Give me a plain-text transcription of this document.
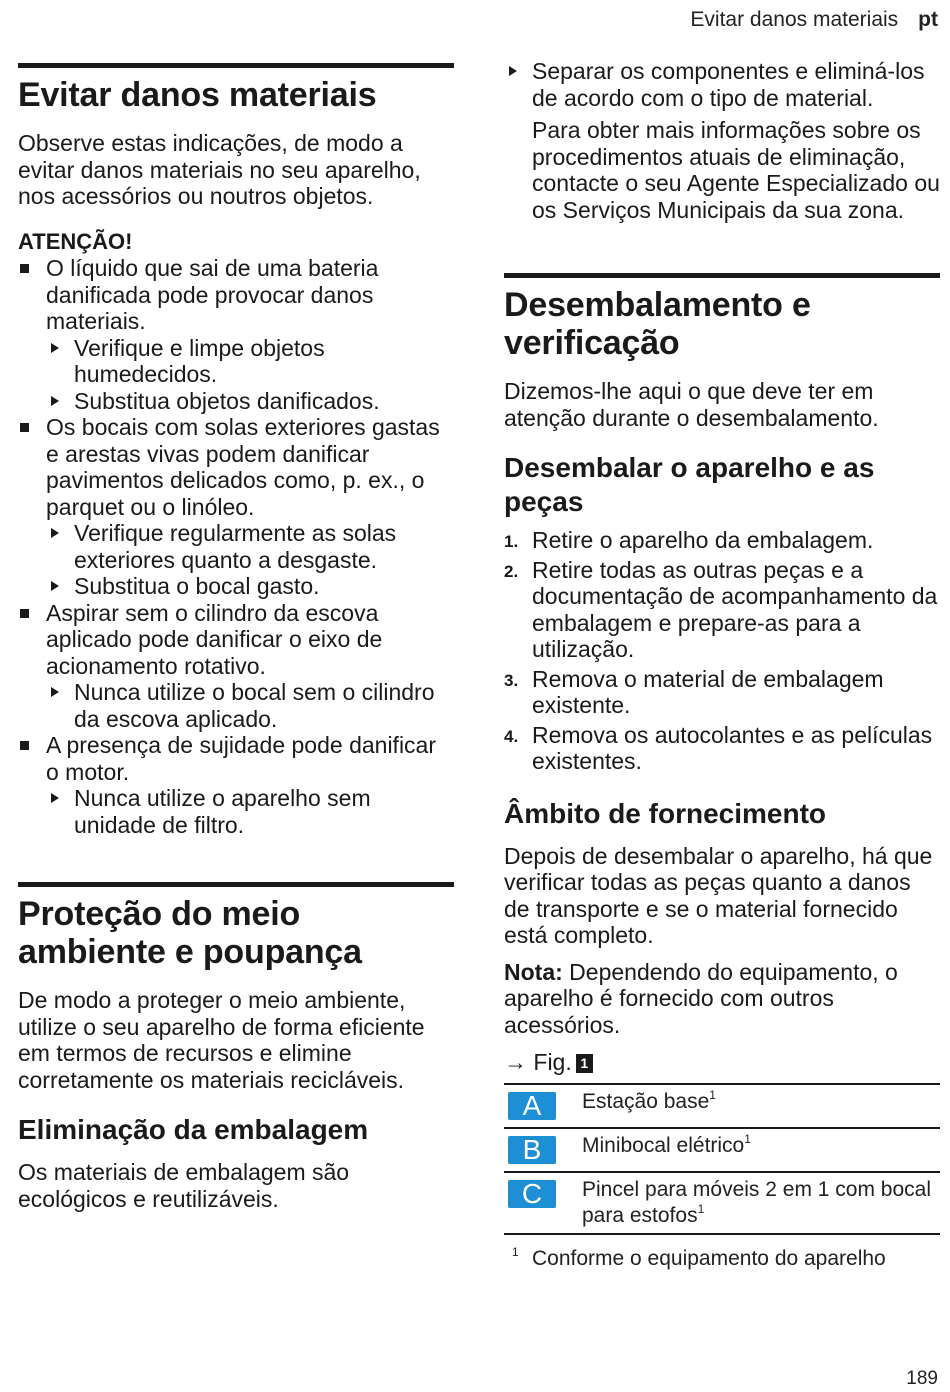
Evitar danos materiais pt
Evitar danos materiais

Observe estas indicações, de modo a evitar danos materiais no seu aparelho, nos acessórios ou noutros objetos.

ATENÇÃO!
O líquido que sai de uma bateria danificada pode provocar danos materiais.
Verifique e limpe objetos humedecidos.
Substitua objetos danificados.
Os bocais com solas exteriores gastas e arestas vivas podem danificar pavimentos delicados como, p. ex., o parquet ou o linóleo.
Verifique regularmente as solas exteriores quanto a desgaste.
Substitua o bocal gasto.
Aspirar sem o cilindro da escova aplicado pode danificar o eixo de acionamento rotativo.
Nunca utilize o bocal sem o cilindro da escova aplicado.
A presença de sujidade pode danificar o motor.
Nunca utilize o aparelho sem unidade de filtro.
Proteção do meio ambiente e poupança

De modo a proteger o meio ambiente, utilize o seu aparelho de forma eficiente em termos de recursos e elimine corretamente os materiais recicláveis.

Eliminação da embalagem

Os materiais de embalagem são ecológicos e reutilizáveis.

Separar os componentes e eliminá-los de acordo com o tipo de material.

Para obter mais informações sobre os procedimentos atuais de eliminação, contacte o seu Agente Especializado ou os Serviços Municipais da sua zona.

Desembalamento e verificação

Dizemos-lhe aqui o que deve ter em atenção durante o desembalamento.

Desembalar o aparelho e as peças
1. Retire o aparelho da embalagem.
2. Retire todas as outras peças e a documentação de acompanhamento da embalagem e prepare-as para a utilização.
3. Remova o material de embalagem existente.
4. Remova os autocolantes e as películas existentes.
Âmbito de fornecimento

Depois de desembalar o aparelho, há que verificar todas as peças quanto a danos de transporte e se o material fornecido está completo.

Nota: Dependendo do equipamento, o aparelho é fornecido com outros acessórios.

→ Fig. 1
A	Estação base$^1$
B	Minibocal elétrico$^1$
C	Pincel para móveis 2 em 1 com bocal para estofos$^1$
1 Conforme o equipamento do aparelho
189
